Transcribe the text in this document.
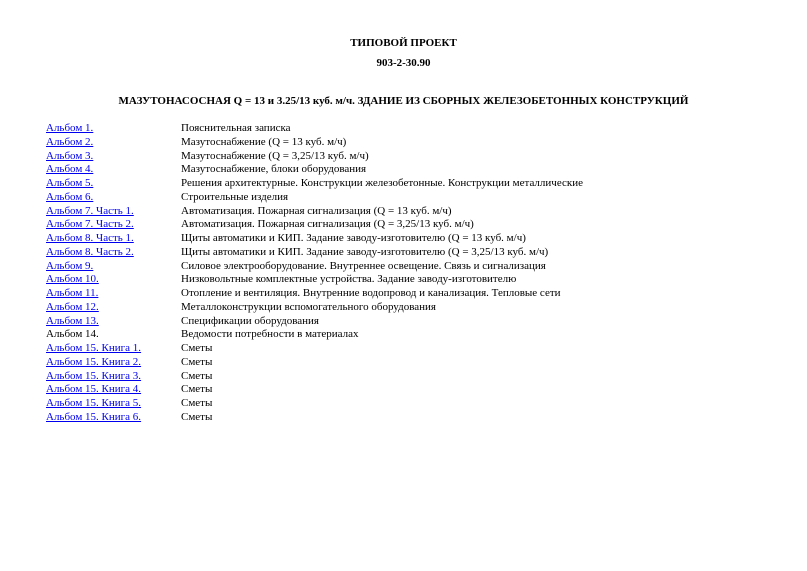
ТИПОВОЙ ПРОЕКТ
903-2-30.90
МАЗУТОНАСОСНАЯ Q = 13 и 3.25/13 куб. м/ч. ЗДАНИЕ ИЗ СБОРНЫХ ЖЕЛЕЗОБЕТОННЫХ КОНСТРУКЦИЙ
Альбом 1.	Пояснительная записка
Альбом 2.	Мазутоснабжение (Q = 13 куб. м/ч)
Альбом 3.	Мазутоснабжение (Q = 3,25/13 куб. м/ч)
Альбом 4.	Мазутоснабжение, блоки оборудования
Альбом 5.	Решения архитектурные. Конструкции железобетонные. Конструкции металлические
Альбом 6.	Строительные изделия
Альбом 7. Часть 1.	Автоматизация. Пожарная сигнализация (Q = 13 куб. м/ч)
Альбом 7. Часть 2.	Автоматизация. Пожарная сигнализация (Q = 3,25/13 куб. м/ч)
Альбом 8. Часть 1.	Щиты автоматики и КИП. Задание заводу-изготовителю (Q = 13 куб. м/ч)
Альбом 8. Часть 2.	Щиты автоматики и КИП. Задание заводу-изготовителю (Q = 3,25/13 куб. м/ч)
Альбом 9.	Силовое электрооборудование. Внутреннее освещение. Связь и сигнализация
Альбом 10.	Низковольтные комплектные устройства. Задание заводу-изготовителю
Альбом 11.	Отопление и вентиляция. Внутренние водопровод и канализация. Тепловые сети
Альбом 12.	Металлоконструкции вспомогательного оборудования
Альбом 13.	Спецификации оборудования
Альбом 14.	Ведомости потребности в материалах
Альбом 15. Книга 1.	Сметы
Альбом 15. Книга 2.	Сметы
Альбом 15. Книга 3.	Сметы
Альбом 15. Книга 4.	Сметы
Альбом 15. Книга 5.	Сметы
Альбом 15. Книга 6.	Сметы
